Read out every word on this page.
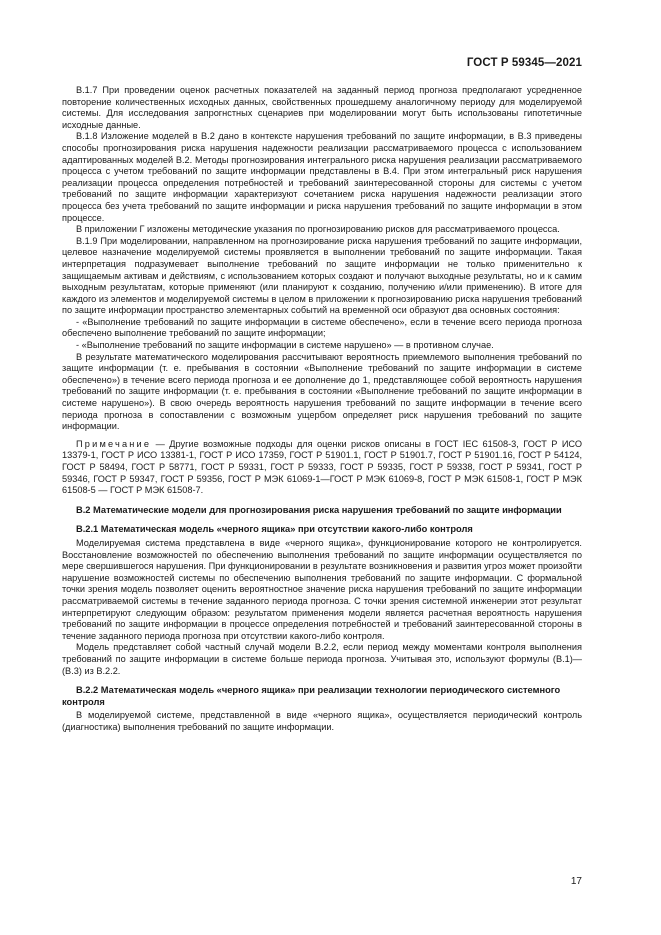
ГОСТ Р 59345—2021

В.1.7 При проведении оценок расчетных показателей на заданный период прогноза предполагают усредненное повторение количественных исходных данных, свойственных прошедшему аналогичному периоду для моделируемой системы. Для исследования запрогнстных сценариев при моделировании могут быть использованы гипотетичные исходные данные.

В.1.8 Изложение моделей в В.2 дано в контексте нарушения требований по защите информации, в В.3 приведены способы прогнозирования риска нарушения надежности реализации рассматриваемого процесса с использованием адаптированных моделей В.2. Методы прогнозирования интегрального риска нарушения реализации рассматриваемого процесса с учетом требований по защите информации представлены в В.4. При этом интегральный риск нарушения реализации процесса определения потребностей и требований заинтересованной стороны для системы с учетом требований по защите информации характеризуют сочетанием риска нарушения надежности реализации этого процесса без учета требований по защите информации и риска нарушения требований по защите информации в этом процессе.

В приложении Г изложены методические указания по прогнозированию рисков для рассматриваемого процесса.

В.1.9 При моделировании, направленном на прогнозирование риска нарушения требований по защите информации, целевое назначение моделируемой системы проявляется в выполнении требований по защите информации. Такая интерпретация подразумевает выполнение требований по защите информации не только применительно к защищаемым активам и действиям, с использованием которых создают и получают выходные результаты, но и к самим выходным результатам, которые применяют (или планируют к созданию, получению и/или применению). В итоге для каждого из элементов и моделируемой системы в целом в приложении к прогнозированию риска нарушения требований по защите информации пространство элементарных событий на временной оси образуют два основных состояния:

- «Выполнение требований по защите информации в системе обеспечено», если в течение всего периода прогноза обеспечено выполнение требований по защите информации;

- «Выполнение требований по защите информации в системе нарушено» — в противном случае.

В результате математического моделирования рассчитывают вероятность приемлемого выполнения требований по защите информации (т. е. пребывания в состоянии «Выполнение требований по защите информации в системе обеспечено») в течение всего периода прогноза и ее дополнение до 1, представляющее собой вероятность нарушения требований по защите информации (т. е. пребывания в состоянии «Выполнение требований по защите информации в системе нарушено»). В свою очередь вероятность нарушения требований по защите информации в течение всего периода прогноза в сопоставлении с возможным ущербом определяет риск нарушения требований по защите информации.

Примечание — Другие возможные подходы для оценки рисков описаны в ГОСТ IEC 61508-3, ГОСТ Р ИСО 13379-1, ГОСТ Р ИСО 13381-1, ГОСТ Р ИСО 17359, ГОСТ Р 51901.1, ГОСТ Р 51901.7, ГОСТ Р 51901.16, ГОСТ Р 54124, ГОСТ Р 58494, ГОСТ Р 58771, ГОСТ Р 59331, ГОСТ Р 59333, ГОСТ Р 59335, ГОСТ Р 59338, ГОСТ Р 59341, ГОСТ Р 59346, ГОСТ Р 59347, ГОСТ Р 59356, ГОСТ Р МЭК 61069-1—ГОСТ Р МЭК 61069-8, ГОСТ Р МЭК 61508-1, ГОСТ Р МЭК 61508-5 — ГОСТ Р МЭК 61508-7.

В.2 Математические модели для прогнозирования риска нарушения требований по защите информации
В.2.1 Математическая модель «черного ящика» при отсутствии какого-либо контроля

Моделируемая система представлена в виде «черного ящика», функционирование которого не контролируется. Восстановление возможностей по обеспечению выполнения требований по защите информации осуществляется по мере свершившегося нарушения. При функционировании в результате возникновения и развития угроз может произойти нарушение возможностей системы по обеспечению выполнения требований по защите информации. С формальной точки зрения модель позволяет оценить вероятностное значение риска нарушения требований по защите информации рассматриваемой системы в течение заданного периода прогноза. С точки зрения системной инженерии этот результат интерпретируют следующим образом: результатом применения модели является расчетная вероятность нарушения требований по защите информации в процессе определения потребностей и требований заинтересованной стороны в течение заданного периода прогноза при отсутствии какого-либо контроля.

Модель представляет собой частный случай модели В.2.2, если период между моментами контроля выполнения требований по защите информации в системе больше периода прогноза. Учитывая это, используют формулы (В.1)—(В.3) из В.2.2.

В.2.2 Математическая модель «черного ящика» при реализации технологии периодического системного контроля

В моделируемой системе, представленной в виде «черного ящика», осуществляется периодический контроль (диагностика) выполнения требований по защите информации.

17
